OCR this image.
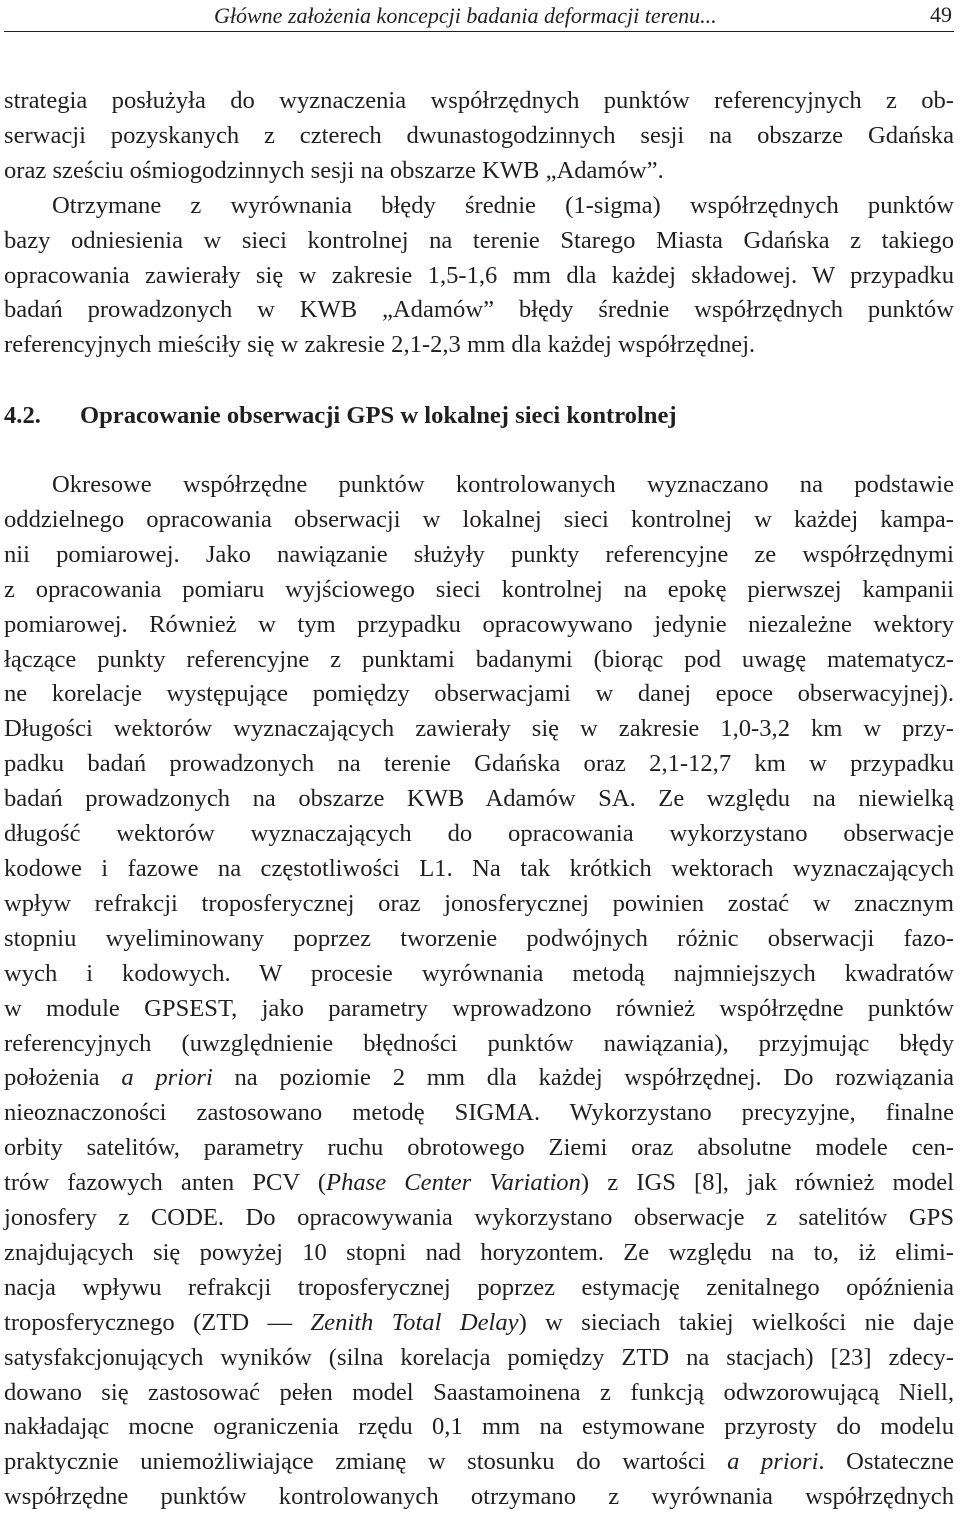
Główne założenia koncepcji badania deformacji terenu...	49
strategia posłużyła do wyznaczenia współrzędnych punktów referencyjnych z ob-
serwacji pozyskanych z czterech dwunastogodzinnych sesji na obszarze Gdańska
oraz sześciu ośmiogodzinnych sesji na obszarze KWB „Adamów”.
Otrzymane z wyrównania błędy średnie (1-sigma) współrzędnych punktów
bazy odniesienia w sieci kontrolnej na terenie Starego Miasta Gdańska z takiego
opracowania zawierały się w zakresie 1,5-1,6 mm dla każdej składowej. W przypadku
badań prowadzonych w KWB „Adamów” błędy średnie współrzędnych punktów
referencyjnych mieściły się w zakresie 2,1-2,3 mm dla każdej współrzędnej.
4.2. Opracowanie obserwacji GPS w lokalnej sieci kontrolnej
Okresowe współrzędne punktów kontrolowanych wyznaczano na podstawie
oddzielnego opracowania obserwacji w lokalnej sieci kontrolnej w każdej kampa-
nii pomiarowej. Jako nawiązanie służyły punkty referencyjne ze współrzędnymi
z opracowania pomiaru wyjściowego sieci kontrolnej na epokę pierwszej kampanii
pomiarowej. Również w tym przypadku opracowywano jedynie niezależne wektory
łączące punkty referencyjne z punktami badanymi (biorąc pod uwagę matematycz-
ne korelacje występujące pomiędzy obserwacjami w danej epoce obserwacyjnej).
Długości wektorów wyznaczających zawierały się w zakresie 1,0-3,2 km w przy-
padku badań prowadzonych na terenie Gdańska oraz 2,1-12,7 km w przypadku
badań prowadzonych na obszarze KWB Adamów SA. Ze względu na niewielką
długość wektorów wyznaczających do opracowania wykorzystano obserwacje
kodowe i fazowe na częstotliwości L1. Na tak krótkich wektorach wyznaczających
wpływ refrakcji troposferycznej oraz jonosferycznej powinien zostać w znacznym
stopniu wyeliminowany poprzez tworzenie podwójnych różnic obserwacji fazo-
wych i kodowych. W procesie wyrównania metodą najmniejszych kwadratów
w module GPSEST, jako parametry wprowadzono również współrzędne punktów
referencyjnych (uwzględnienie błędności punktów nawiązania), przyjmując błędy
położenia a priori na poziomie 2 mm dla każdej współrzędnej. Do rozwiązania
nieoznaczoności zastosowano metodę SIGMA. Wykorzystano precyzyjne, finalne
orbity satelitów, parametry ruchu obrotowego Ziemi oraz absolutne modele cen-
trów fazowych anten PCV (Phase Center Variation) z IGS [8], jak również model
jonosfery z CODE. Do opracowywania wykorzystano obserwacje z satelitów GPS
znajdujących się powyżej 10 stopni nad horyzontem. Ze względu na to, iż elimi-
nacja wpływu refrakcji troposferycznej poprzez estymację zenitalnego opóźnienia
troposferycznego (ZTD — Zenith Total Delay) w sieciach takiej wielkości nie daje
satysfakcjonujących wyników (silna korelacja pomiędzy ZTD na stacjach) [23] zdecy-
dowano się zastosować pełen model Saastamoinena z funkcją odwzorowującą Niell,
nakładając mocne ograniczenia rzędu 0,1 mm na estymowane przyrosty do modelu
praktycznie uniemożliwiające zmianę w stosunku do wartości a priori. Ostateczne
współrzędne punktów kontrolowanych otrzymano z wyrównania współrzędnych
